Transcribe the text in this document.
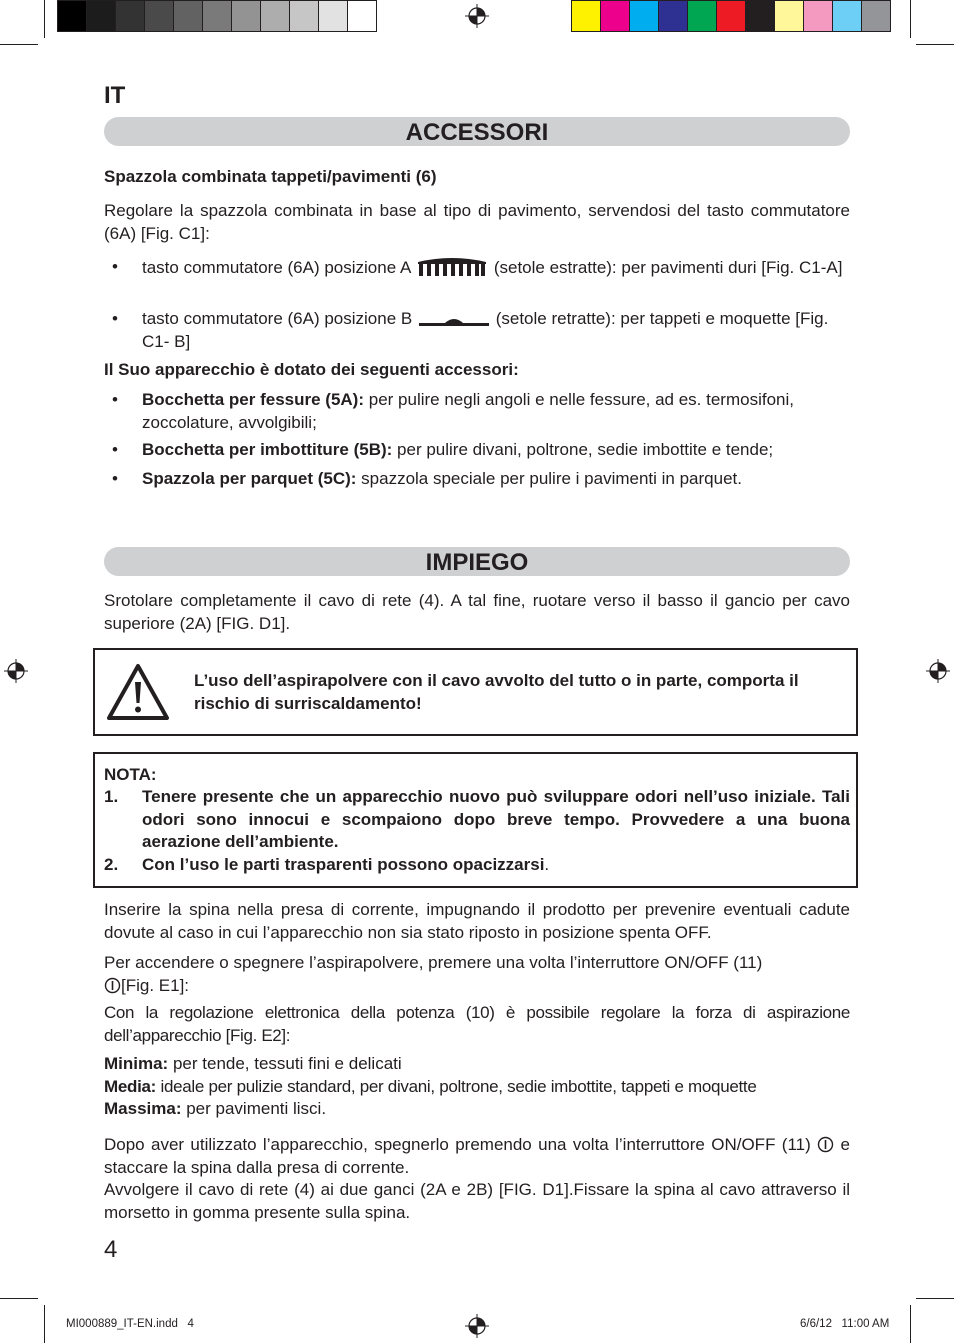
IT
ACCESSORI
Spazzola combinata tappeti/pavimenti (6)
Regolare la spazzola combinata in base al tipo di pavimento, servendosi del tasto commutatore (6A) [Fig. C1]:
• tasto commutatore (6A) posizione A	(setole estratte): per pavimenti duri [Fig. C1-A]
• tasto commutatore (6A) posizione B	(setole retratte): per tappeti e moquette [Fig. C1- B]
Il Suo apparecchio è dotato dei seguenti accessori:
• Bocchetta per fessure (5A): per pulire negli angoli e nelle fessure, ad es. termosifoni, zoccolature, avvolgibili;
• Bocchetta per imbottiture (5B): per pulire divani, poltrone, sedie imbottite e tende;
• Spazzola per parquet (5C): spazzola speciale per pulire i pavimenti in parquet.
IMPIEGO
Srotolare completamente il cavo di rete (4). A tal fine, ruotare verso il basso il gancio per cavo superiore (2A) [FIG. D1].
L’uso dell’aspirapolvere con il cavo avvolto del tutto o in parte, comporta il rischio di surriscaldamento!
NOTA:
1. Tenere presente che un apparecchio nuovo può sviluppare odori nell’uso iniziale. Tali odori sono innocui e scompaiono dopo breve tempo. Provvedere a una buona aerazione dell’ambiente.
2. Con l’uso le parti trasparenti possono opacizzarsi.
Inserire la spina nella presa di corrente, impugnando il prodotto per prevenire eventuali cadute dovute al caso in cui l’apparecchio non sia stato riposto in posizione spenta OFF.
Per accendere o spegnere l’aspirapolvere, premere una volta l’interruttore ON/OFF (11)
[Fig. E1]:
Con la regolazione elettronica della potenza (10) è possibile regolare la forza di aspirazione dell’apparecchio [Fig. E2]:
Minima: per tende, tessuti fini e delicati
Media: ideale per pulizie standard, per divani, poltrone, sedie imbottite, tappeti e moquette
Massima: per pavimenti lisci.
Dopo aver utilizzato l’apparecchio, spegnerlo premendo una volta l’interruttore ON/OFF (11) e staccare la spina dalla presa di corrente.
Avvolgere il cavo di rete (4) ai due ganci (2A e 2B) [FIG. D1].Fissare la spina al cavo attraverso il morsetto in gomma presente sulla spina.
4
MI000889_IT-EN.indd   4	6/6/12   11:00 AM
